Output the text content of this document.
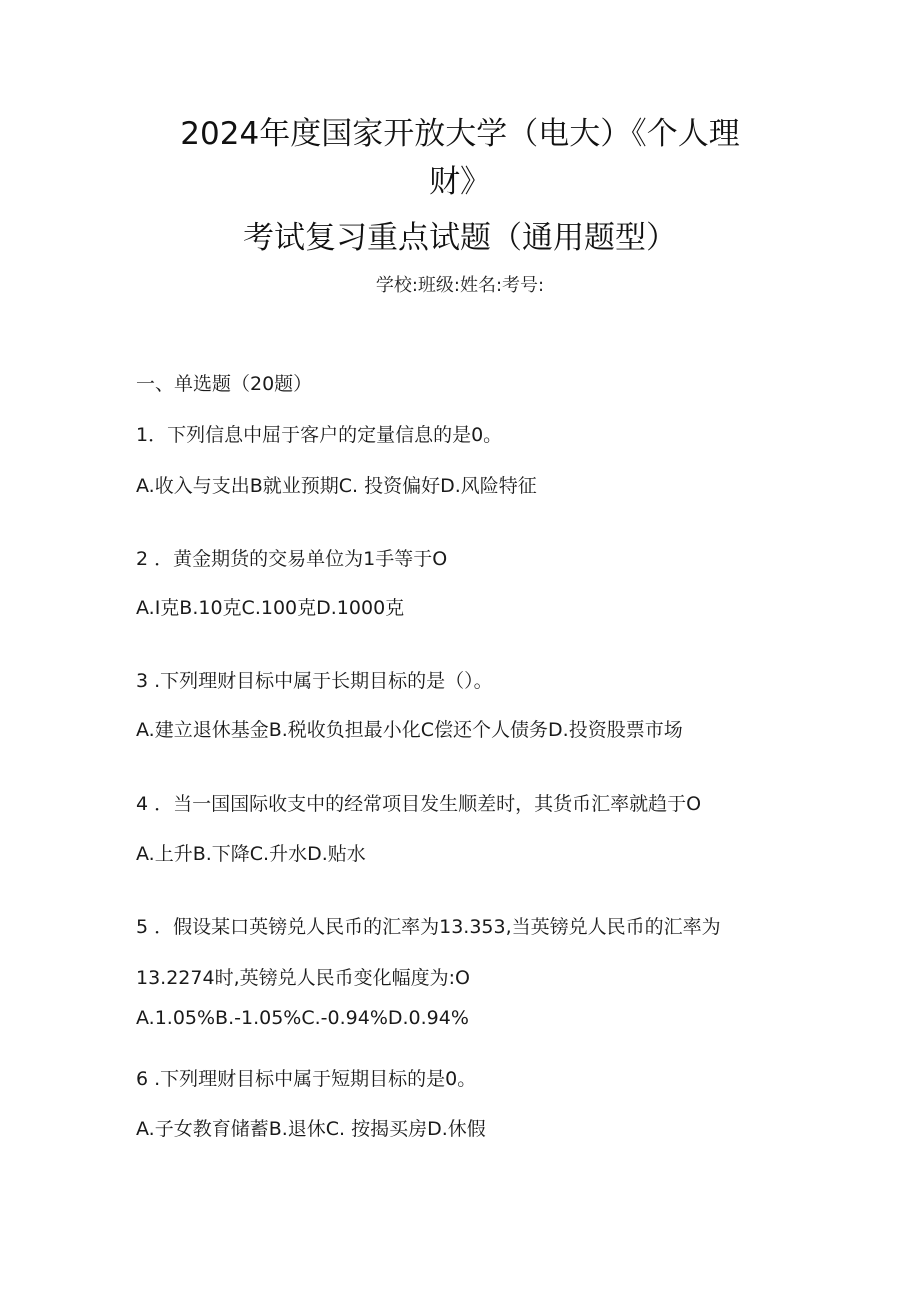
2024年度国家开放大学（电大）《个人理
财》
考试复习重点试题（通用题型）
学校:班级:姓名:考号:
一、单选题（20题）
1．下列信息中屈于客户的定量信息的是0。
A.收入与支出B就业预期C. 投资偏好D.风险特征
2 ．黄金期货的交易单位为1手等于O
A.I克B.10克C.100克D.1000克
3 .下列理财目标中属于长期目标的是（）。
A.建立退休基金B.税收负担最小化C偿还个人债务D.投资股票市场
4 ．当一国国际收支中的经常项目发生顺差时，其货币汇率就趋于O
A.上升B.下降C.升水D.贴水
5 ．假设某口英镑兑人民币的汇率为13.353,当英镑兑人民币的汇率为
13.2274时,英镑兑人民币变化幅度为:O
A.1.05%B.-1.05%C.-0.94%D.0.94%
6 .下列理财目标中属于短期目标的是0。
A.子女教育储蓄B.退休C. 按揭买房D.休假
